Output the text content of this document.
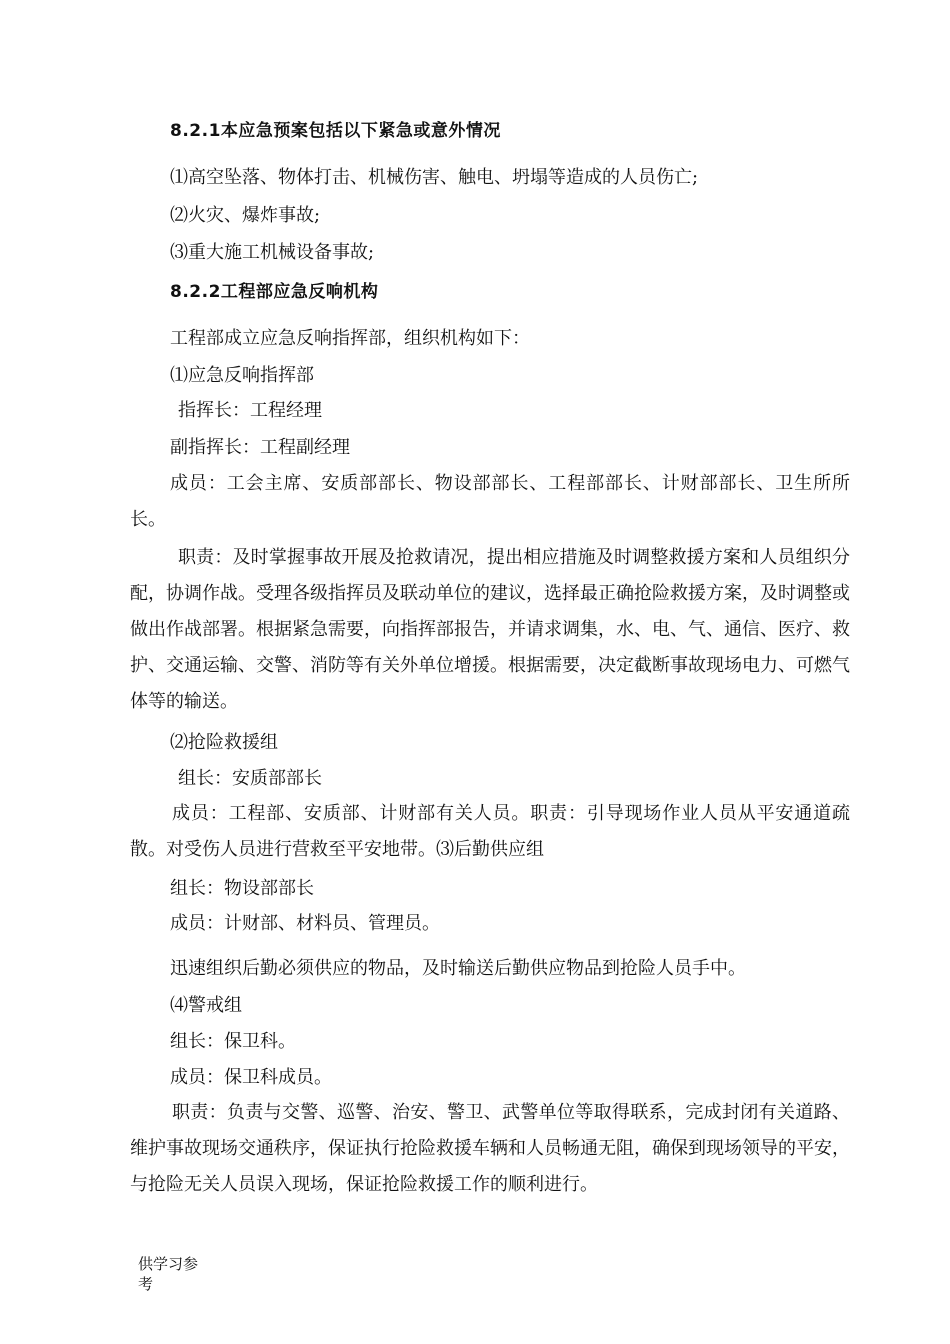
8.2.1本应急预案包括以下紧急或意外情况
⑴高空坠落、物体打击、机械伤害、触电、坍塌等造成的人员伤亡;
⑵火灾、爆炸事故;
⑶重大施工机械设备事故;
8.2.2工程部应急反响机构
工程部成立应急反响指挥部，组织机构如下：
⑴应急反响指挥部
指挥长：工程经理
副指挥长：工程副经理
成员：工会主席、安质部部长、物设部部长、工程部部长、计财部部长、卫生所所长。
职责：及时掌握事故开展及抢救请况，提出相应措施及时调整救援方案和人员组织分配，协调作战。受理各级指挥员及联动单位的建议，选择最正确抢险救援方案，及时调整或做出作战部署。根据紧急需要，向指挥部报告，并请求调集，水、电、气、通信、医疗、救护、交通运输、交警、消防等有关外单位增援。根据需要，决定截断事故现场电力、可燃气体等的输送。
⑵抢险救援组
组长：安质部部长
成员：工程部、安质部、计财部有关人员。职责：引导现场作业人员从平安通道疏散。对受伤人员进行营救至平安地带。⑶后勤供应组
组长：物设部部长
成员：计财部、材料员、管理员。
迅速组织后勤必须供应的物品，及时输送后勤供应物品到抢险人员手中。
⑷警戒组
组长：保卫科。
成员：保卫科成员。
职责：负责与交警、巡警、治安、警卫、武警单位等取得联系，完成封闭有关道路、维护事故现场交通秩序，保证执行抢险救援车辆和人员畅通无阻，确保到现场领导的平安，与抢险无关人员误入现场，保证抢险救援工作的顺利进行。
供学习参
考
